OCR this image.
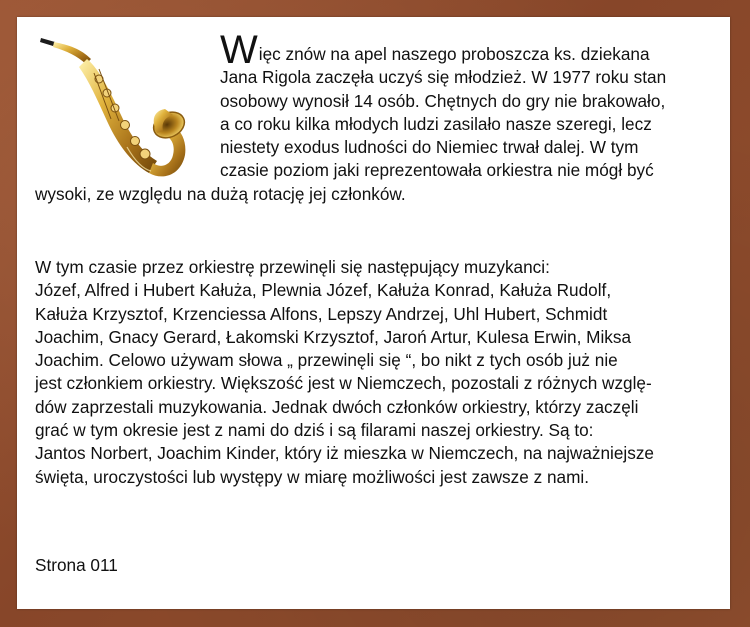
Więc znów na apel naszego proboszcza ks. dziekana
Jana Rigola zaczęła uczyś się młodzież. W 1977 roku stan
osobowy wynosił 14 osób. Chętnych do gry nie brakowało,
a co roku kilka młodych ludzi zasilało nasze szeregi, lecz
niestety exodus ludności do Niemiec trwał dalej. W tym
czasie poziom jaki reprezentowała orkiestra nie mógł być
wysoki, ze względu na dużą rotację jej członków.
W tym czasie przez orkiestrę przewinęli się następujący muzykanci:
Józef, Alfred i Hubert Kałuża, Plewnia Józef, Kałuża Konrad, Kałuża Rudolf,
Kałuża Krzysztof, Krzenciessa Alfons, Lepszy Andrzej, Uhl Hubert, Schmidt
Joachim, Gnacy Gerard, Łakomski Krzysztof, Jaroń Artur, Kulesa Erwin, Miksa
Joachim. Celowo używam słowa „ przewinęli się “, bo nikt z tych osób już nie
jest członkiem orkiestry. Większość jest w Niemczech, pozostali z różnych wzglę-
dów zaprzestali muzykowania. Jednak dwóch członków orkiestry, którzy zaczęli
grać w tym okresie jest z nami do dziś i są filarami naszej orkiestry. Są to:
Jantos Norbert, Joachim Kinder, który iż mieszka w Niemczech, na najważniejsze
święta, uroczystości lub występy w miarę możliwości jest zawsze z nami.
Strona 011
